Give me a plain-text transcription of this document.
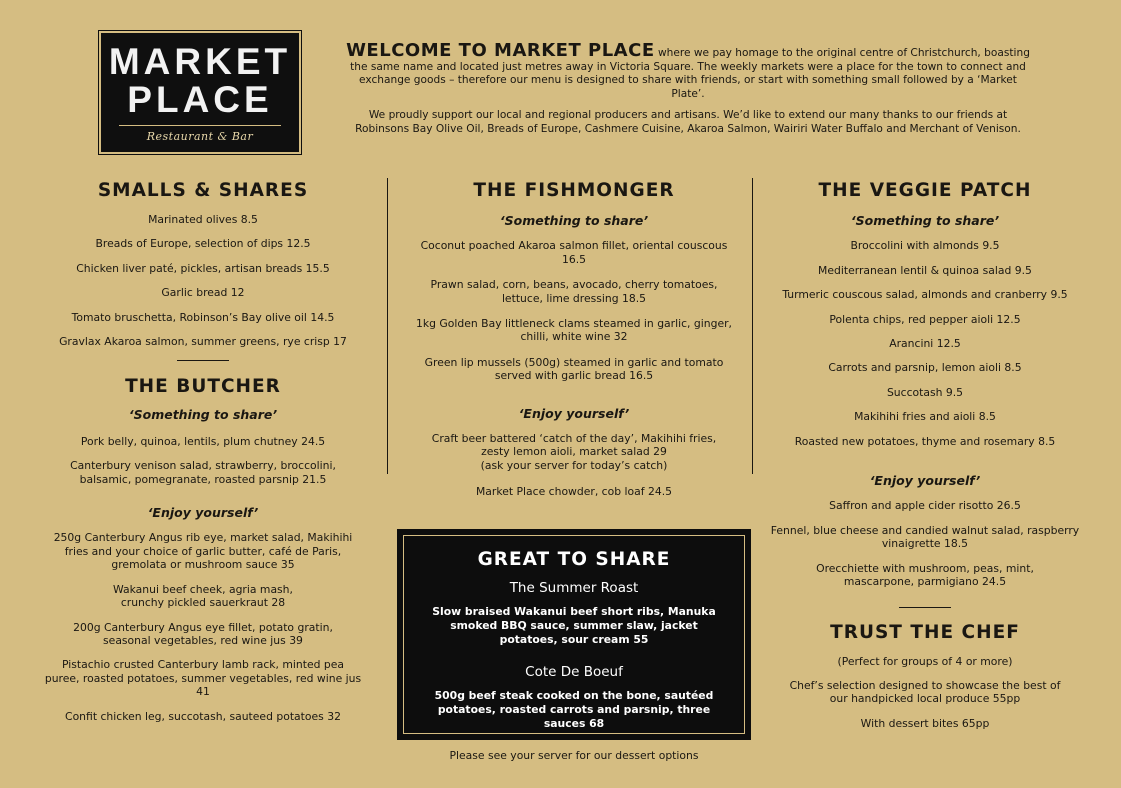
MARKET
PLACE
Restaurant & Bar

WELCOME TO MARKET PLACE where we pay homage to the original centre of Christchurch, boasting the same name and located just metres away in Victoria Square. The weekly markets were a place for the town to connect and exchange goods – therefore our menu is designed to share with friends, or start with something small followed by a ‘Market Plate’.

We proudly support our local and regional producers and artisans. We’d like to extend our many thanks to our friends at Robinsons Bay Olive Oil, Breads of Europe, Cashmere Cuisine, Akaroa Salmon, Wairiri Water Buffalo and Merchant of Venison.

SMALLS & SHARES
Marinated olives 8.5
Breads of Europe, selection of dips 12.5
Chicken liver paté, pickles, artisan breads 15.5
Garlic bread 12
Tomato bruschetta, Robinson’s Bay olive oil 14.5
Gravlax Akaroa salmon, summer greens, rye crisp 17
THE BUTCHER
‘Something to share’
Pork belly, quinoa, lentils, plum chutney 24.5
Canterbury venison salad, strawberry, broccolini, balsamic, pomegranate, roasted parsnip 21.5
‘Enjoy yourself’
250g Canterbury Angus rib eye, market salad, Makihihi fries and your choice of garlic butter, café de Paris, gremolata or mushroom sauce 35
Wakanui beef cheek, agria mash, crunchy pickled sauerkraut 28
200g Canterbury Angus eye fillet, potato gratin, seasonal vegetables, red wine jus 39
Pistachio crusted Canterbury lamb rack, minted pea puree, roasted potatoes, summer vegetables, red wine jus 41
Confit chicken leg, succotash, sauteed potatoes 32
THE FISHMONGER
‘Something to share’
Coconut poached Akaroa salmon fillet, oriental couscous 16.5
Prawn salad, corn, beans, avocado, cherry tomatoes, lettuce, lime dressing 18.5
1kg Golden Bay littleneck clams steamed in garlic, ginger, chilli, white wine 32
Green lip mussels (500g) steamed in garlic and tomato served with garlic bread 16.5
‘Enjoy yourself’
Craft beer battered ‘catch of the day’, Makihihi fries, zesty lemon aioli, market salad 29
(ask your server for today’s catch)
Market Place chowder, cob loaf 24.5
THE VEGGIE PATCH
‘Something to share’
Broccolini with almonds 9.5
Mediterranean lentil & quinoa salad 9.5
Turmeric couscous salad, almonds and cranberry 9.5
Polenta chips, red pepper aioli 12.5
Arancini 12.5
Carrots and parsnip, lemon aioli 8.5
Succotash 9.5
Makihihi fries and aioli 8.5
Roasted new potatoes, thyme and rosemary 8.5
‘Enjoy yourself’
Saffron and apple cider risotto 26.5
Fennel, blue cheese and candied walnut salad, raspberry vinaigrette 18.5
Orecchiette with mushroom, peas, mint, mascarpone, parmigiano 24.5
TRUST THE CHEF
(Perfect for groups of 4 or more)
Chef’s selection designed to showcase the best of our handpicked local produce 55pp
With dessert bites 65pp
GREAT TO SHARE
The Summer Roast
Slow braised Wakanui beef short ribs, Manuka smoked BBQ sauce, summer slaw, jacket potatoes, sour cream 55
Cote De Boeuf
500g beef steak cooked on the bone, sautéed potatoes, roasted carrots and parsnip, three sauces 68
Please see your server for our dessert options
